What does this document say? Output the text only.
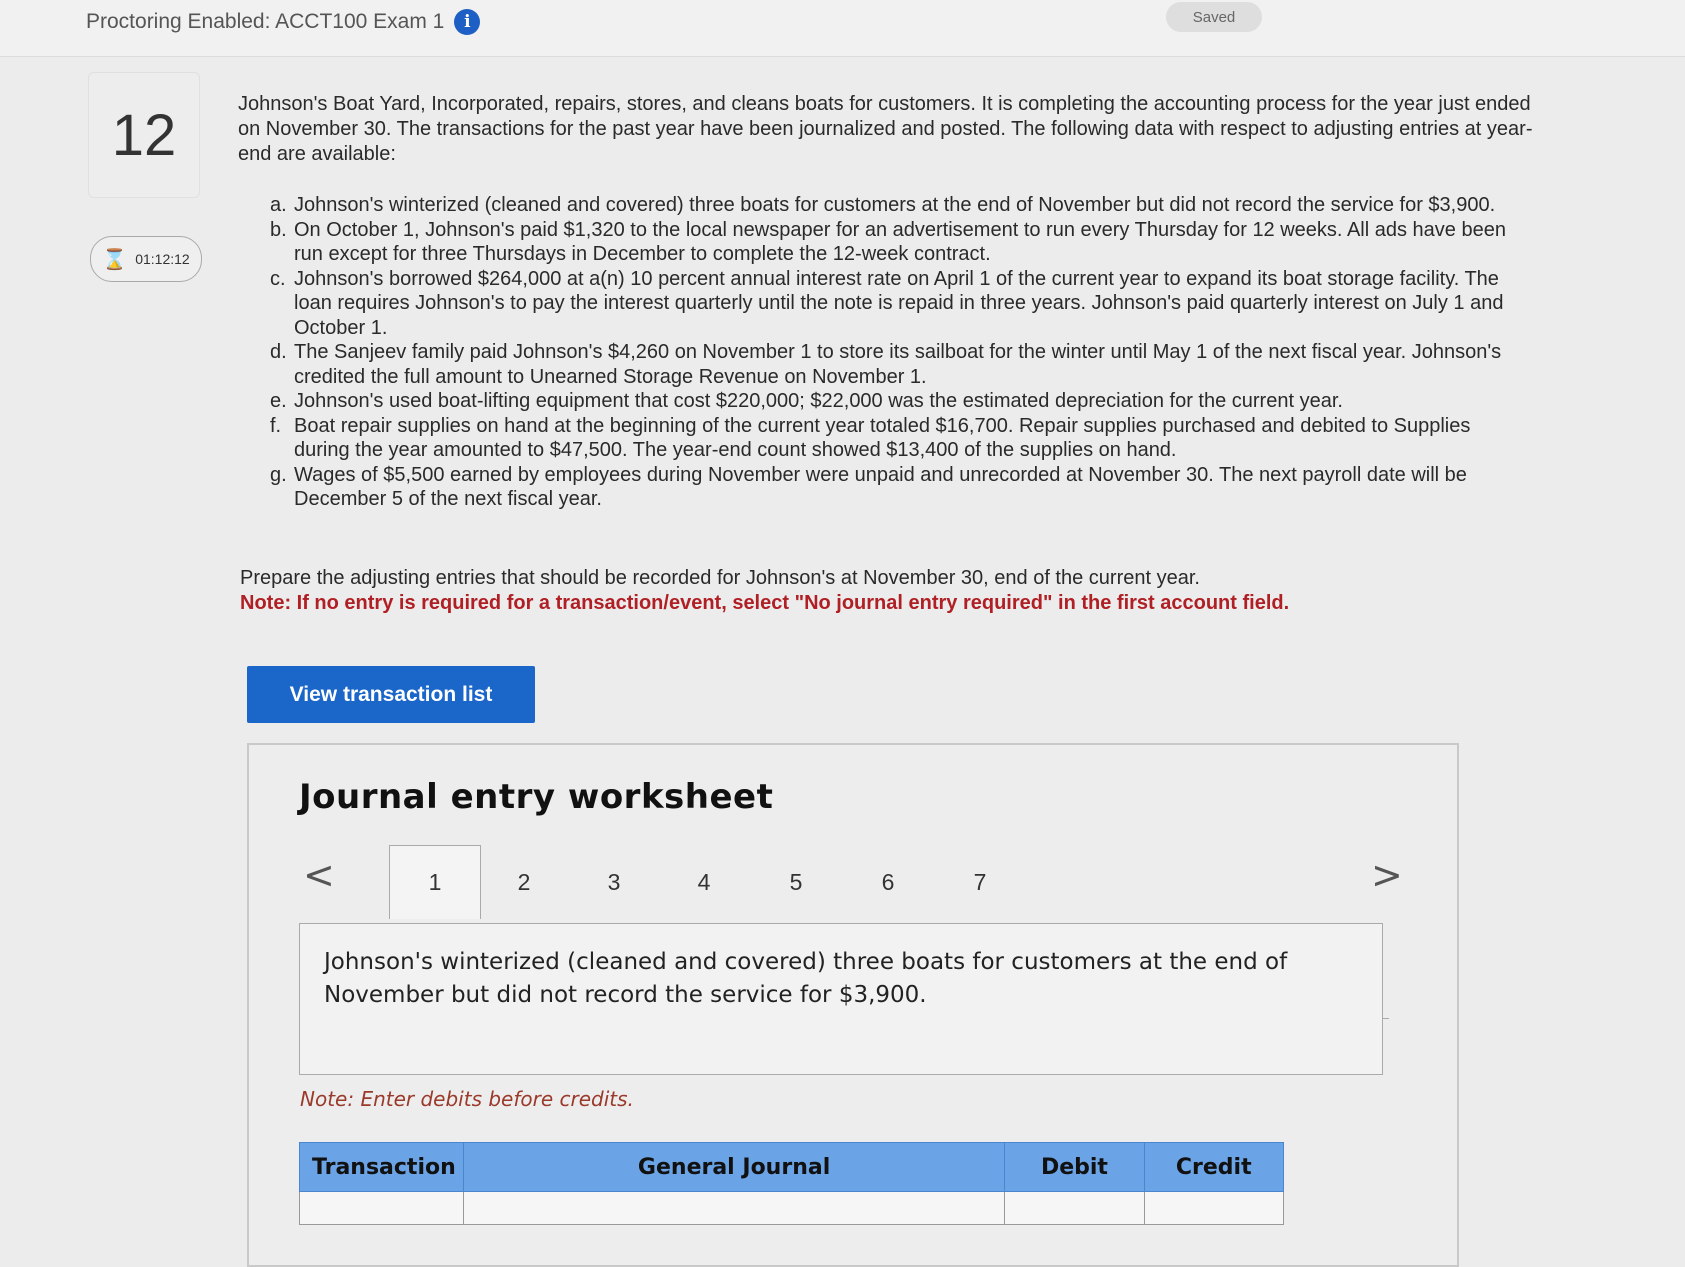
Proctoring Enabled: ACCT100 Exam 1	i	Saved
12
⌛ 01:12:12
Johnson's Boat Yard, Incorporated, repairs, stores, and cleans boats for customers. It is completing the accounting process for the year just ended on November 30. The transactions for the past year have been journalized and posted. The following data with respect to adjusting entries at year-end are available:
a. Johnson's winterized (cleaned and covered) three boats for customers at the end of November but did not record the service for $3,900.
b. On October 1, Johnson's paid $1,320 to the local newspaper for an advertisement to run every Thursday for 12 weeks. All ads have been run except for three Thursdays in December to complete the 12-week contract.
c. Johnson's borrowed $264,000 at a(n) 10 percent annual interest rate on April 1 of the current year to expand its boat storage facility. The loan requires Johnson's to pay the interest quarterly until the note is repaid in three years. Johnson's paid quarterly interest on July 1 and October 1.
d. The Sanjeev family paid Johnson's $4,260 on November 1 to store its sailboat for the winter until May 1 of the next fiscal year. Johnson's credited the full amount to Unearned Storage Revenue on November 1.
e. Johnson's used boat-lifting equipment that cost $220,000; $22,000 was the estimated depreciation for the current year.
f. Boat repair supplies on hand at the beginning of the current year totaled $16,700. Repair supplies purchased and debited to Supplies during the year amounted to $47,500. The year-end count showed $13,400 of the supplies on hand.
g. Wages of $5,500 earned by employees during November were unpaid and unrecorded at November 30. The next payroll date will be December 5 of the next fiscal year.
Prepare the adjusting entries that should be recorded for Johnson's at November 30, end of the current year.
Note: If no entry is required for a transaction/event, select "No journal entry required" in the first account field.
View transaction list
Journal entry worksheet
<	1	2	3	4	5	6	7	>
Johnson's winterized (cleaned and covered) three boats for customers at the end of November but did not record the service for $3,900.
Note: Enter debits before credits.
Transaction	General Journal	Debit	Credit
